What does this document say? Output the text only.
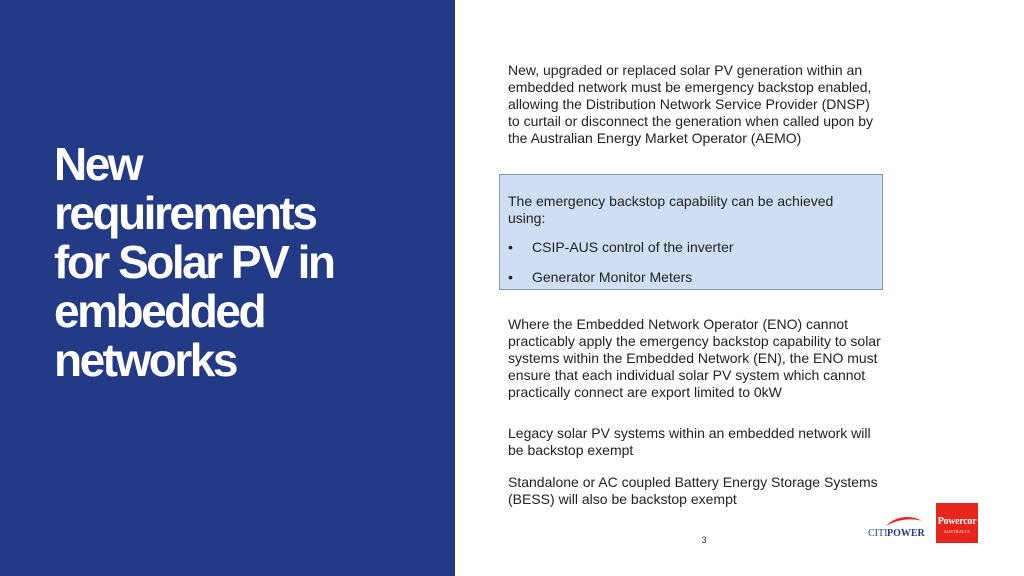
New
requirements
for Solar PV in
embedded
networks
New, upgraded or replaced solar PV generation within an embedded network must be emergency backstop enabled, allowing the Distribution Network Service Provider (DNSP) to curtail or disconnect the generation when called upon by the Australian Energy Market Operator (AEMO)
The emergency backstop capability can be achieved using:
• CSIP-AUS control of the inverter
• Generator Monitor Meters
Where the Embedded Network Operator (ENO) cannot practicably apply the emergency backstop capability to solar systems within the Embedded Network (EN), the ENO must ensure that each individual solar PV system which cannot practically connect are export limited to 0kW
Legacy solar PV systems within an embedded network will be backstop exempt
Standalone or AC coupled Battery Energy Storage Systems (BESS) will also be backstop exempt
3
CITI POWER
Powercor
AUSTRALIA
